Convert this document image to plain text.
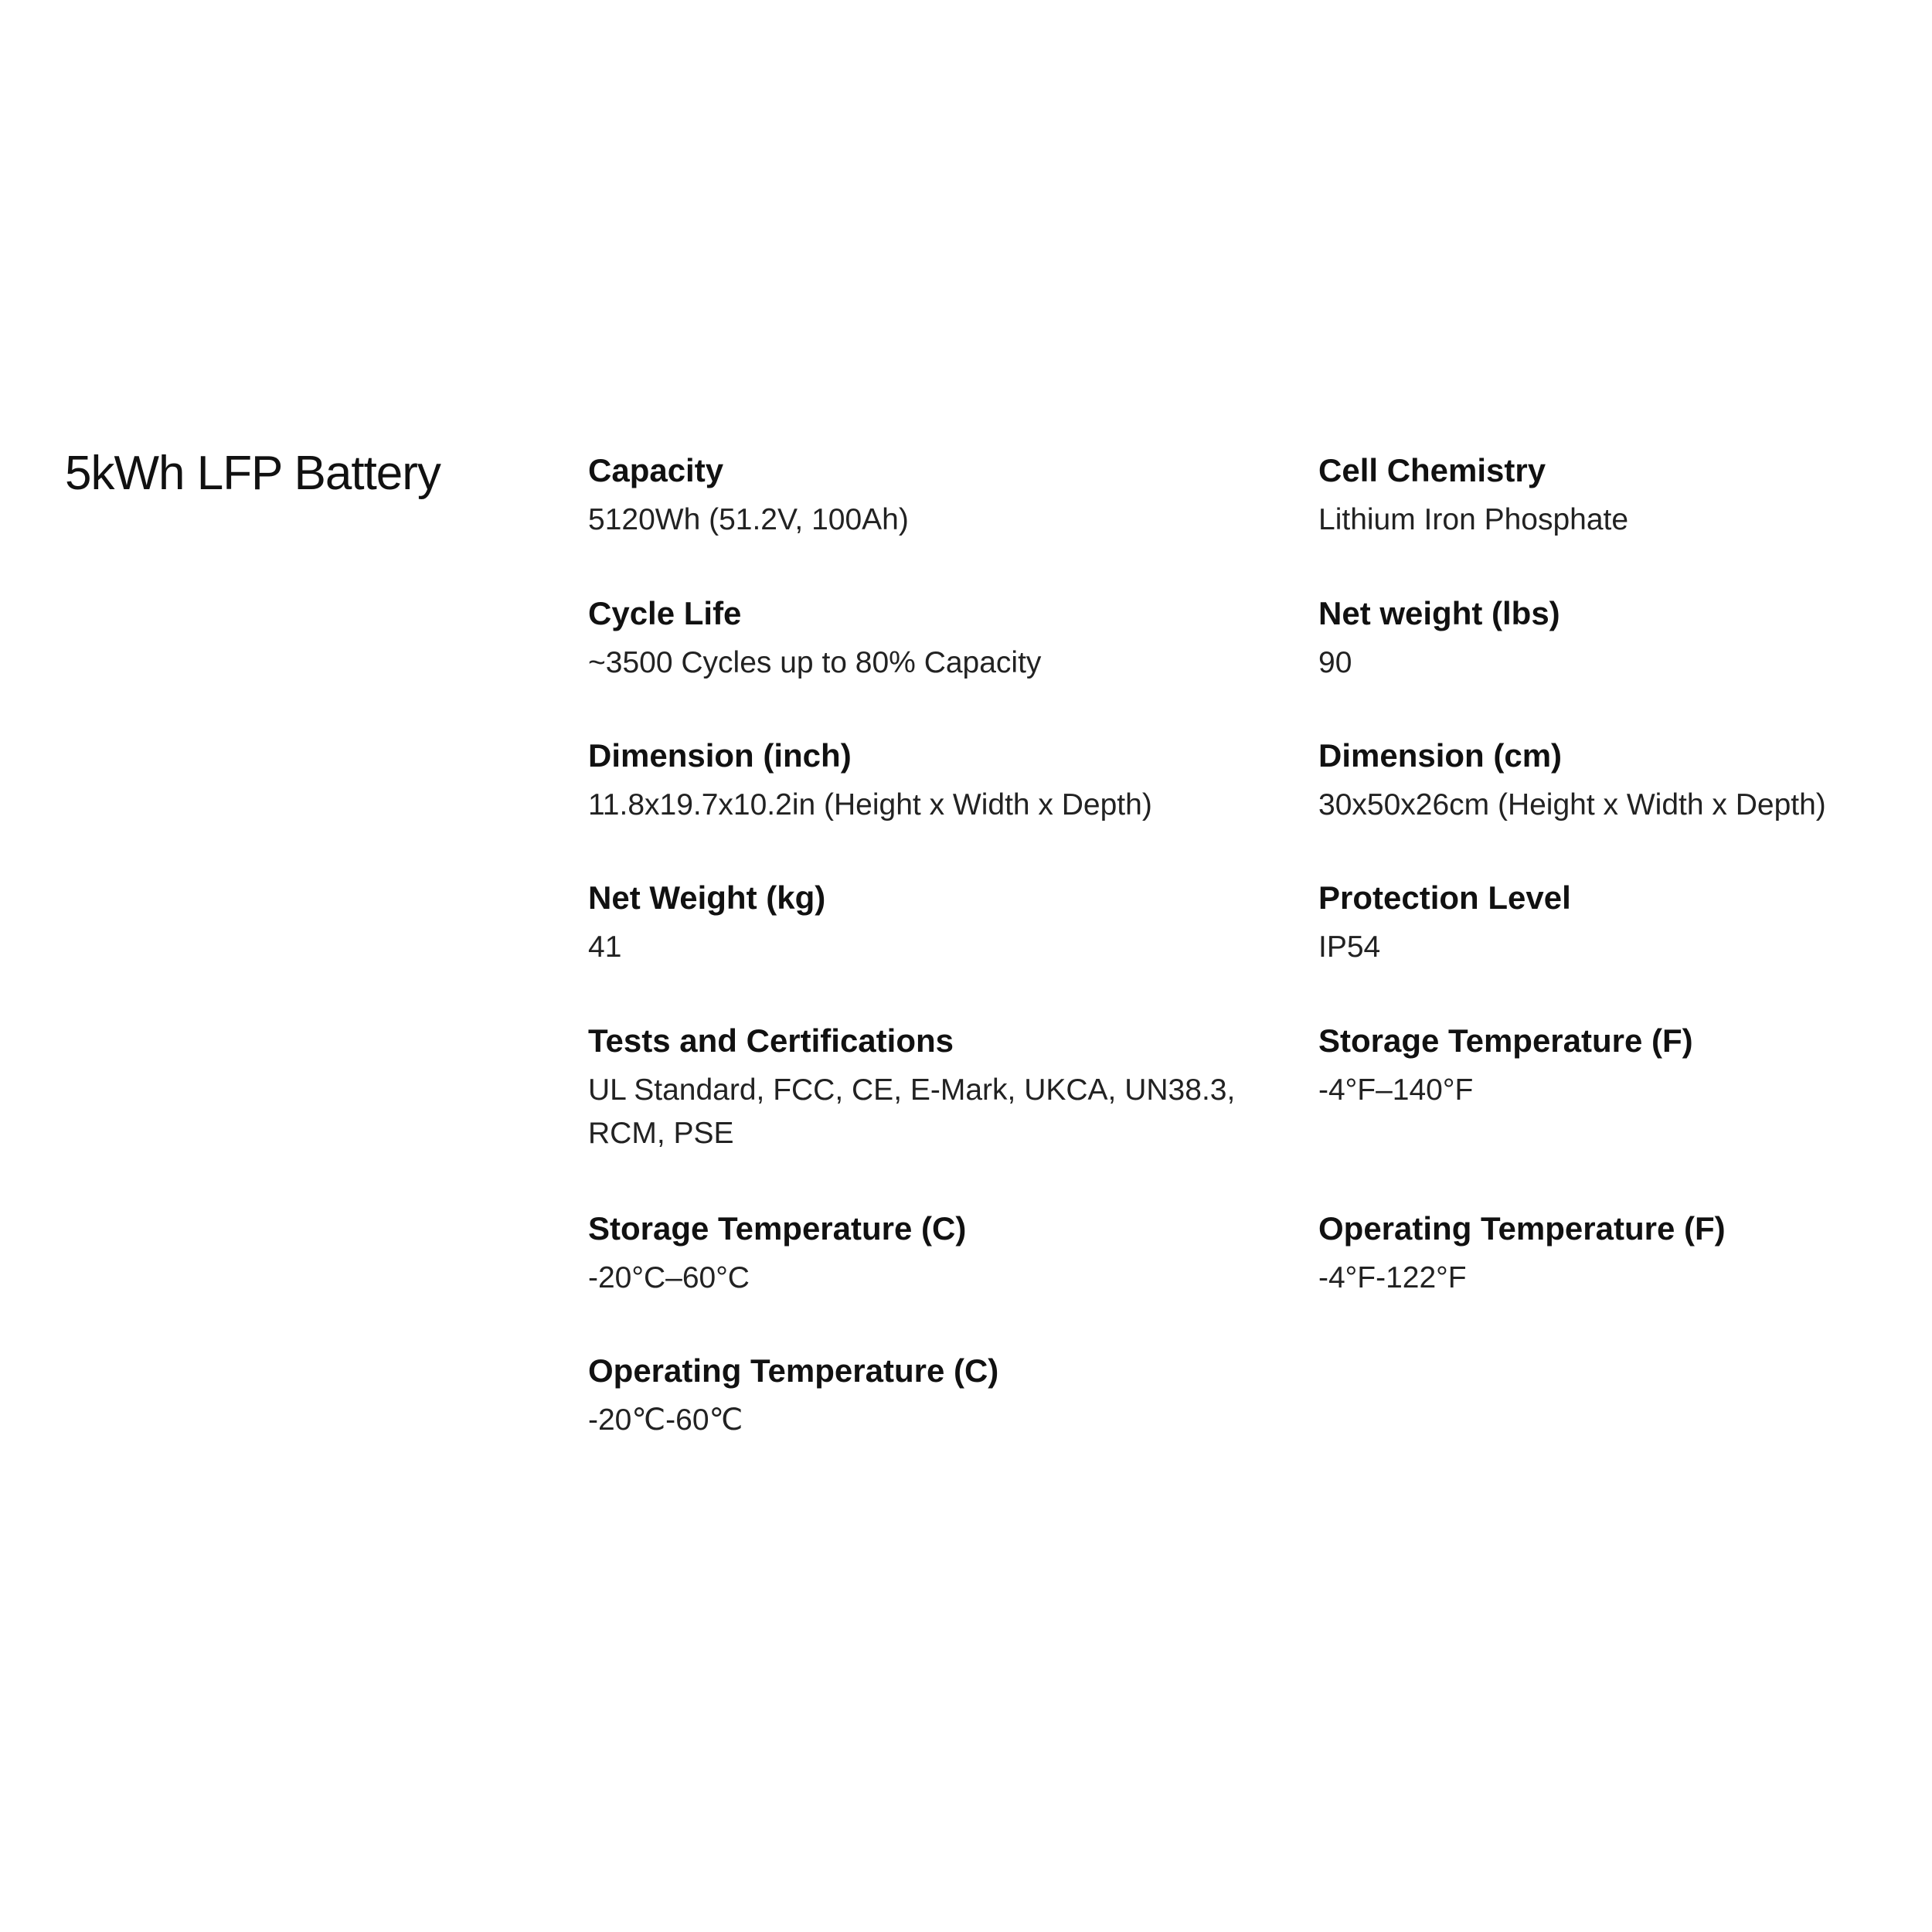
5kWh LFP Battery	Capacity
5120Wh (51.2V, 100Ah)
Cycle Life
~3500 Cycles up to 80% Capacity
Dimension (inch)
11.8x19.7x10.2in (Height x Width x Depth)
Net Weight (kg)
41
Tests and Certifications
UL Standard, FCC, CE, E-Mark, UKCA, UN38.3, RCM, PSE
Storage Temperature (C)
-20°C–60°C
Operating Temperature (C)
-20℃-60℃
Cell Chemistry
Lithium Iron Phosphate
Net weight (lbs)
90
Dimension (cm)
30x50x26cm (Height x Width x Depth)
Protection Level
IP54
Storage Temperature (F)
-4°F–140°F
Operating Temperature (F)
-4°F-122°F
